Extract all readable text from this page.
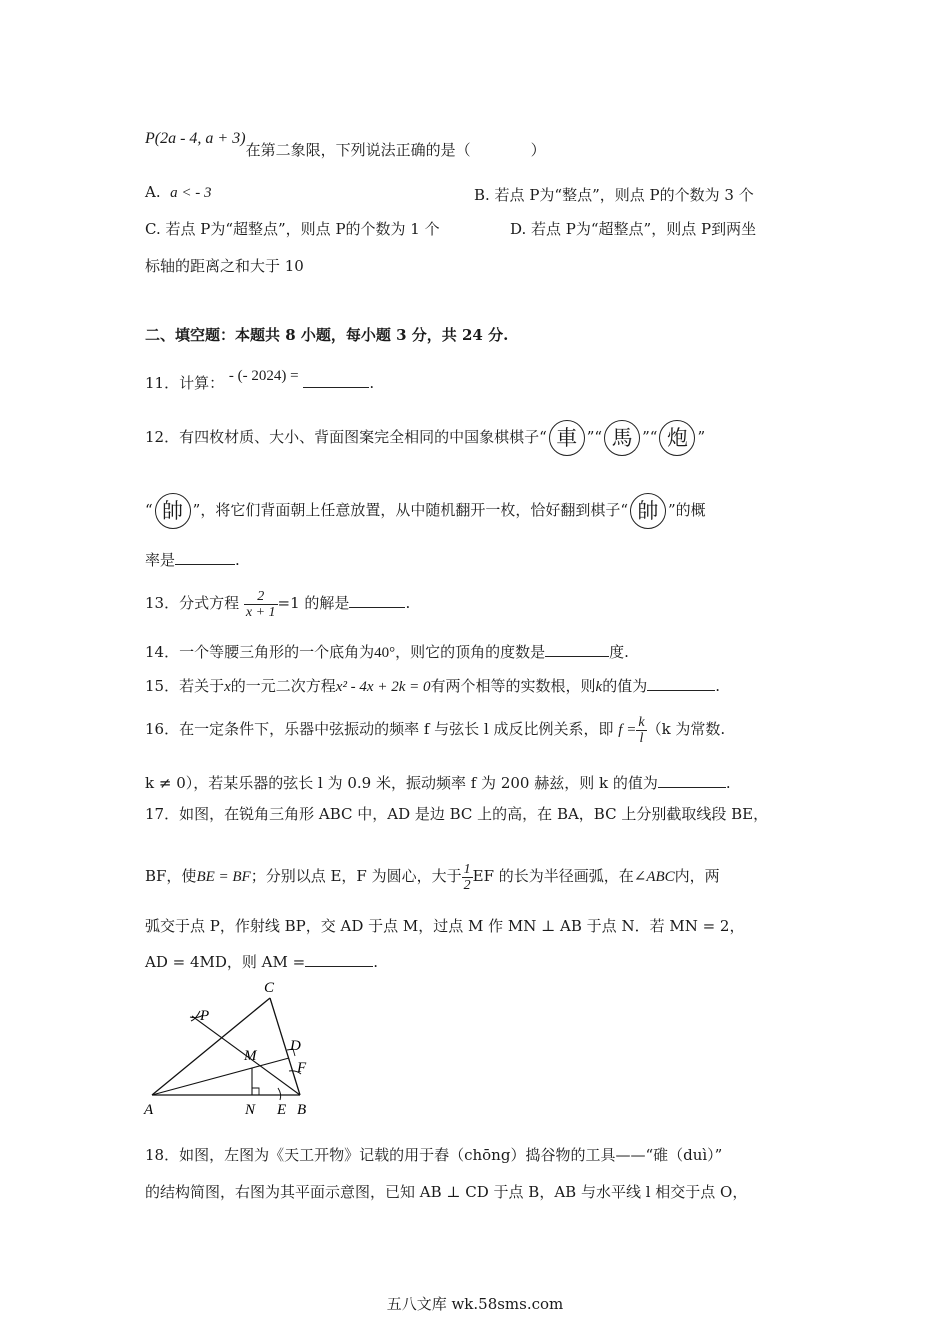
P(2a - 4, a + 3)在第二象限，下列说法正确的是（　　　　）
A. a < - 3	B. 若点 P为“整点”，则点 P的个数为 3 个
C. 若点 P为“超整点”，则点 P的个数为 1 个	D. 若点 P为“超整点”，则点 P到两坐
标轴的距离之和大于 10
二、填空题：本题共 8 小题，每小题 3 分，共 24 分.
11．计算： - (- 2024) =	.
12．有四枚材质、大小、背面图案完全相同的中国象棋棋子“ 車 ”“ 馬 ”“ 炮 ”
“ 帥 ”，将它们背面朝上任意放置，从中随机翻开一枚，恰好翻到棋子“ 帥 ”的概
率是	.
13．分式方程 $\frac{2}{x + 1} =1$ 的解是	.
14．一个等腰三角形的一个底角为40°，则它的顶角的度数是	度.
15．若关于x的一元二次方程x² - 4x + 2k = 0有两个相等的实数根，则k的值为	.
16．在一定条件下，乐器中弦振动的频率 f 与弦长 l 成反比例关系，即 $f = \frac{k}{l} (k$ 为常数.
k ≠ 0），若某乐器的弦长 l 为 0.9 米，振动频率 f 为 200 赫兹，则 k 的值为	.
17．如图，在锐角三角形 ABC 中，AD 是边 BC 上的高，在 BA，BC 上分别截取线段 BE，
BF，使BE = BF；分别以点 E，F 为圆心，大于 $\frac{1}{2}$ EF 的长为半径画弧，在∠ABC内，两
弧交于点 P，作射线 BP，交 AD 于点 M，过点 M 作 MN ⊥ AB 于点 N．若 MN = 2，
AD = 4MD，则 AM =	.
C
P
M
D
F
A	N E B
18．如图，左图为《天工开物》记载的用于舂（chōng）捣谷物的工具——“碓（duì）”
的结构简图，右图为其平面示意图，已知 AB ⊥ CD 于点 B，AB 与水平线 l 相交于点 O，
五八文库 wk.58sms.com
